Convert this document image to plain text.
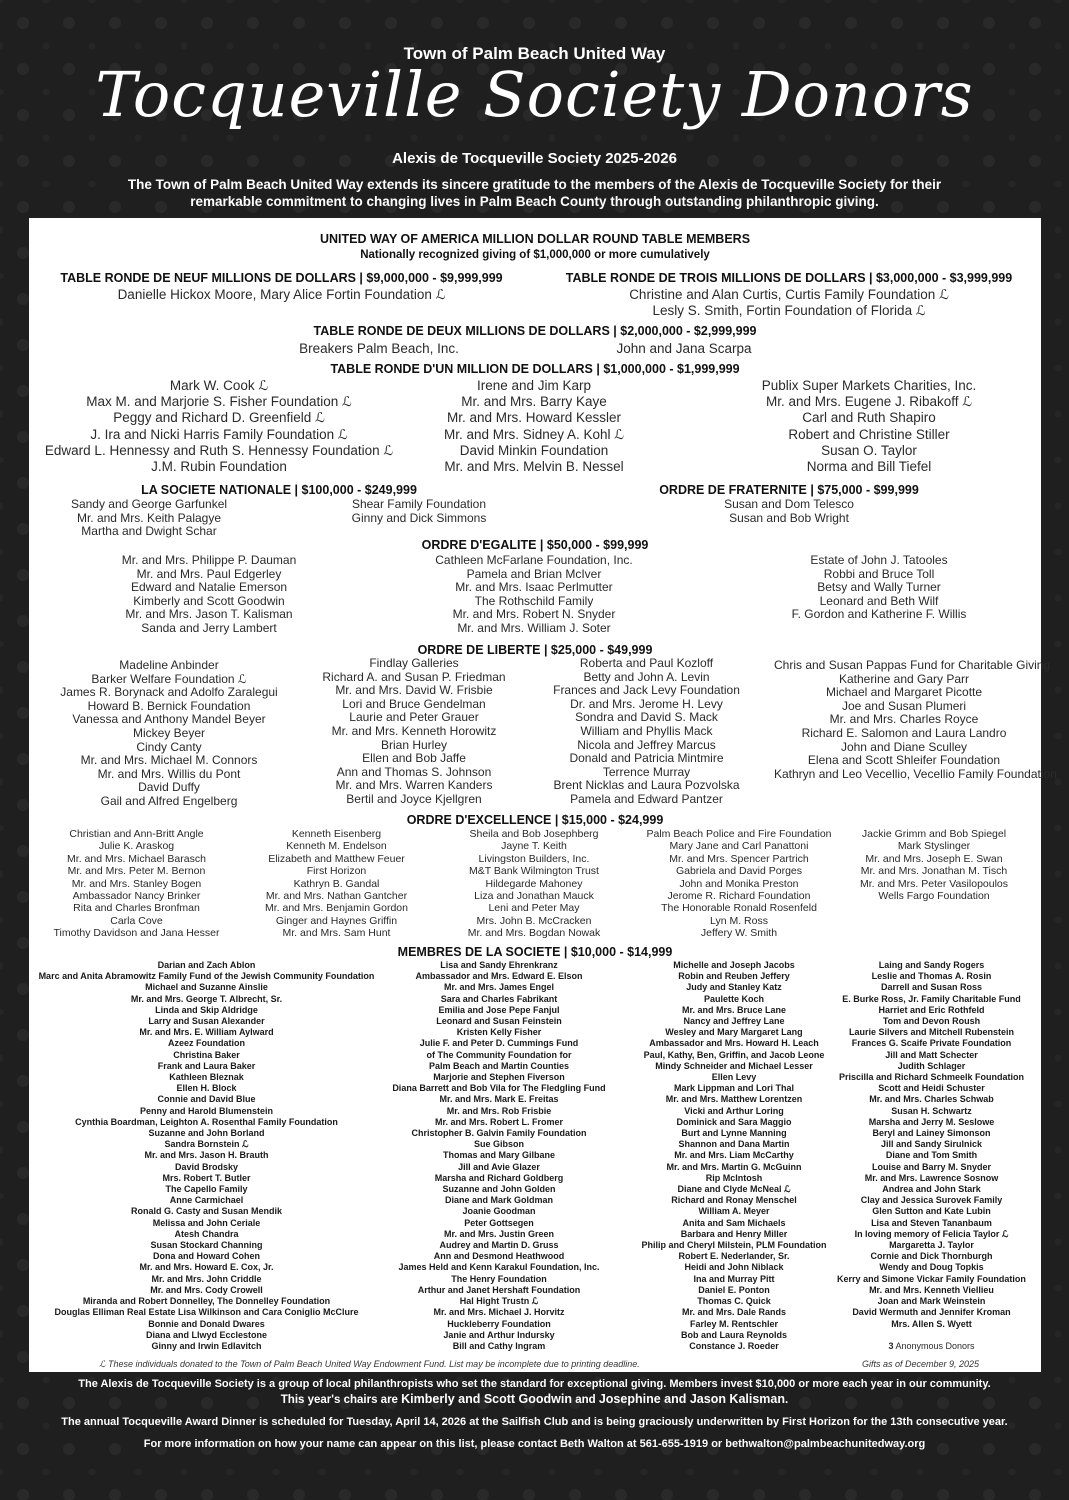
Town of Palm Beach United Way
Tocqueville Society Donors
Alexis de Tocqueville Society 2025-2026
The Town of Palm Beach United Way extends its sincere gratitude to the members of the Alexis de Tocqueville Society for their remarkable commitment to changing lives in Palm Beach County through outstanding philanthropic giving.
UNITED WAY OF AMERICA MILLION DOLLAR ROUND TABLE MEMBERS
Nationally recognized giving of $1,000,000 or more cumulatively
TABLE RONDE DE NEUF MILLIONS DE DOLLARS | $9,000,000 - $9,999,999
Danielle Hickox Moore, Mary Alice Fortin Foundation ℒ
TABLE RONDE DE TROIS MILLIONS DE DOLLARS | $3,000,000 - $3,999,999
Christine and Alan Curtis, Curtis Family Foundation ℒ
Lesly S. Smith, Fortin Foundation of Florida ℒ
TABLE RONDE DE DEUX MILLIONS DE DOLLARS | $2,000,000 - $2,999,999
Breakers Palm Beach, Inc.	John and Jana Scarpa
TABLE RONDE D'UN MILLION DE DOLLARS | $1,000,000 - $1,999,999
Mark W. Cook ℒ
Max M. and Marjorie S. Fisher Foundation ℒ
Peggy and Richard D. Greenfield ℒ
J. Ira and Nicki Harris Family Foundation ℒ
Edward L. Hennessy and Ruth S. Hennessy Foundation ℒ
J.M. Rubin Foundation
Irene and Jim Karp
Mr. and Mrs. Barry Kaye
Mr. and Mrs. Howard Kessler
Mr. and Mrs. Sidney A. Kohl ℒ
David Minkin Foundation
Mr. and Mrs. Melvin B. Nessel
Publix Super Markets Charities, Inc.
Mr. and Mrs. Eugene J. Ribakoff ℒ
Carl and Ruth Shapiro
Robert and Christine Stiller
Susan O. Taylor
Norma and Bill Tiefel
LA SOCIETE NATIONALE | $100,000 - $249,999
Sandy and George Garfunkel
Mr. and Mrs. Keith Palagye
Martha and Dwight Schar
Shear Family Foundation
Ginny and Dick Simmons
ORDRE DE FRATERNITE | $75,000 - $99,999
Susan and Dom Telesco
Susan and Bob Wright
ORDRE D'EGALITE | $50,000 - $99,999
Mr. and Mrs. Philippe P. Dauman
Mr. and Mrs. Paul Edgerley
Edward and Natalie Emerson
Kimberly and Scott Goodwin
Mr. and Mrs. Jason T. Kalisman
Sanda and Jerry Lambert
Cathleen McFarlane Foundation, Inc.
Pamela and Brian McIver
Mr. and Mrs. Isaac Perlmutter
The Rothschild Family
Mr. and Mrs. Robert N. Snyder
Mr. and Mrs. William J. Soter
Estate of John J. Tatooles
Robbi and Bruce Toll
Betsy and Wally Turner
Leonard and Beth Wilf
F. Gordon and Katherine F. Willis
ORDRE DE LIBERTE | $25,000 - $49,999
Madeline Anbinder
Barker Welfare Foundation ℒ
James R. Borynack and Adolfo Zaralegui
Howard B. Bernick Foundation
Vanessa and Anthony Mandel Beyer
Mickey Beyer
Cindy Canty
Mr. and Mrs. Michael M. Connors
Mr. and Mrs. Willis du Pont
David Duffy
Gail and Alfred Engelberg
Findlay Galleries
Richard A. and Susan P. Friedman
Mr. and Mrs. David W. Frisbie
Lori and Bruce Gendelman
Laurie and Peter Grauer
Mr. and Mrs. Kenneth Horowitz
Brian Hurley
Ellen and Bob Jaffe
Ann and Thomas S. Johnson
Mr. and Mrs. Warren Kanders
Bertil and Joyce Kjellgren
Roberta and Paul Kozloff
Betty and John A. Levin
Frances and Jack Levy Foundation
Dr. and Mrs. Jerome H. Levy
Sondra and David S. Mack
William and Phyllis Mack
Nicola and Jeffrey Marcus
Donald and Patricia Mintmire
Terrence Murray
Brent Nicklas and Laura Pozvolska
Pamela and Edward Pantzer
Chris and Susan Pappas Fund for Charitable Giving
Katherine and Gary Parr
Michael and Margaret Picotte
Joe and Susan Plumeri
Mr. and Mrs. Charles Royce
Richard E. Salomon and Laura Landro
John and Diane Sculley
Elena and Scott Shleifer Foundation
Kathryn and Leo Vecellio, Vecellio Family Foundation
ORDRE D'EXCELLENCE | $15,000 - $24,999
Christian and Ann-Britt Angle
Julie K. Araskog
Mr. and Mrs. Michael Barasch
Mr. and Mrs. Peter M. Bernon
Mr. and Mrs. Stanley Bogen
Ambassador Nancy Brinker
Rita and Charles Bronfman
Carla Cove
Timothy Davidson and Jana Hesser
Kenneth Eisenberg
Kenneth M. Endelson
Elizabeth and Matthew Feuer
First Horizon
Kathryn B. Gandal
Mr. and Mrs. Nathan Gantcher
Mr. and Mrs. Benjamin Gordon
Ginger and Haynes Griffin
Mr. and Mrs. Sam Hunt
Sheila and Bob Josephberg
Jayne T. Keith
Livingston Builders, Inc.
M&T Bank Wilmington Trust
Hildegarde Mahoney
Liza and Jonathan Mauck
Leni and Peter May
Mrs. John B. McCracken
Mr. and Mrs. Bogdan Nowak
Palm Beach Police and Fire Foundation
Mary Jane and Carl Panattoni
Mr. and Mrs. Spencer Partrich
Gabriela and David Porges
John and Monika Preston
Jerome R. Richard Foundation
The Honorable Ronald Rosenfeld
Lyn M. Ross
Jeffery W. Smith
Jackie Grimm and Bob Spiegel
Mark Styslinger
Mr. and Mrs. Joseph E. Swan
Mr. and Mrs. Jonathan M. Tisch
Mr. and Mrs. Peter Vasilopoulos
Wells Fargo Foundation
MEMBRES DE LA SOCIETE | $10,000 - $14,999
Darian and Zach Ablon
Marc and Anita Abramowitz Family Fund of the Jewish Community Foundation
Michael and Suzanne Ainslie
Mr. and Mrs. George T. Albrecht, Sr.
Linda and Skip Aldridge
Larry and Susan Alexander
Mr. and Mrs. E. William Aylward
Azeez Foundation
Christina Baker
Frank and Laura Baker
Kathleen Bleznak
Ellen H. Block
Connie and David Blue
Penny and Harold Blumenstein
Cynthia Boardman, Leighton A. Rosenthal Family Foundation
Suzanne and John Borland
Sandra Bornstein ℒ
Mr. and Mrs. Jason H. Brauth
David Brodsky
Mrs. Robert T. Butler
The Capello Family
Anne Carmichael
Ronald G. Casty and Susan Mendik
Melissa and John Ceriale
Atesh Chandra
Susan Stockard Channing
Dona and Howard Cohen
Mr. and Mrs. Howard E. Cox, Jr.
Mr. and Mrs. John Criddle
Mr. and Mrs. Cody Crowell
Miranda and Robert Donnelley, The Donnelley Foundation
Douglas Elliman Real Estate Lisa Wilkinson and Cara Coniglio McClure
Bonnie and Donald Dwares
Diana and Llwyd Ecclestone
Ginny and Irwin Edlavitch
Lisa and Sandy Ehrenkranz
Ambassador and Mrs. Edward E. Elson
Mr. and Mrs. James Engel
Sara and Charles Fabrikant
Emilia and Jose Pepe Fanjul
Leonard and Susan Feinstein
Kristen Kelly Fisher
Julie F. and Peter D. Cummings Fund
of The Community Foundation for
Palm Beach and Martin Counties
Marjorie and Stephen Fiverson
Diana Barrett and Bob Vila for The Fledgling Fund
Mr. and Mrs. Mark E. Freitas
Mr. and Mrs. Rob Frisbie
Mr. and Mrs. Robert L. Fromer
Christopher B. Galvin Family Foundation
Sue Gibson
Thomas and Mary Gilbane
Jill and Avie Glazer
Marsha and Richard Goldberg
Suzanne and John Golden
Diane and Mark Goldman
Joanie Goodman
Peter Gottsegen
Mr. and Mrs. Justin Green
Audrey and Martin D. Gruss
Ann and Desmond Heathwood
James Held and Kenn Karakul Foundation, Inc.
The Henry Foundation
Arthur and Janet Hershaft Foundation
Hal Hight Trustn ℒ
Mr. and Mrs. Michael J. Horvitz
Huckleberry Foundation
Janie and Arthur Indursky
Bill and Cathy Ingram
Michelle and Joseph Jacobs
Robin and Reuben Jeffery
Judy and Stanley Katz
Paulette Koch
Mr. and Mrs. Bruce Lane
Nancy and Jeffrey Lane
Wesley and Mary Margaret Lang
Ambassador and Mrs. Howard H. Leach
Paul, Kathy, Ben, Griffin, and Jacob Leone
Mindy Schneider and Michael Lesser
Ellen Levy
Mark Lippman and Lori Thal
Mr. and Mrs. Matthew Lorentzen
Vicki and Arthur Loring
Dominick and Sara Maggio
Burt and Lynne Manning
Shannon and Dana Martin
Mr. and Mrs. Liam McCarthy
Mr. and Mrs. Martin G. McGuinn
Rip McIntosh
Diane and Clyde McNeal ℒ
Richard and Ronay Menschel
William A. Meyer
Anita and Sam Michaels
Barbara and Henry Miller
Philip and Cheryl Milstein, PLM Foundation
Robert E. Nederlander, Sr.
Heidi and John Niblack
Ina and Murray Pitt
Daniel E. Ponton
Thomas C. Quick
Mr. and Mrs. Dale Rands
Farley M. Rentschler
Bob and Laura Reynolds
Constance J. Roeder
Laing and Sandy Rogers
Leslie and Thomas A. Rosin
Darrell and Susan Ross
E. Burke Ross, Jr. Family Charitable Fund
Harriet and Eric Rothfeld
Tom and Devon Roush
Laurie Silvers and Mitchell Rubenstein
Frances G. Scaife Private Foundation
Jill and Matt Schecter
Judith Schlager
Priscilla and Richard Schmeelk Foundation
Scott and Heidi Schuster
Mr. and Mrs. Charles Schwab
Susan H. Schwartz
Marsha and Jerry M. Seslowe
Beryl and Lainey Simonson
Jill and Sandy Sirulnick
Diane and Tom Smith
Louise and Barry M. Snyder
Mr. and Mrs. Lawrence Sosnow
Andrea and John Stark
Clay and Jessica Surovek Family
Glen Sutton and Kate Lubin
Lisa and Steven Tananbaum
In loving memory of Felicia Taylor ℒ
Margaretta J. Taylor
Cornie and Dick Thornburgh
Wendy and Doug Topkis
Kerry and Simone Vickar Family Foundation
Mr. and Mrs. Kenneth Viellieu
Joan and Mark Weinstein
David Wermuth and Jennifer Kroman
Mrs. Allen S. Wyett
3 Anonymous Donors
ℒ These individuals donated to the Town of Palm Beach United Way Endowment Fund. List may be incomplete due to printing deadline.	Gifts as of December 9, 2025
The Alexis de Tocqueville Society is a group of local philanthropists who set the standard for exceptional giving. Members invest $10,000 or more each year in our community.
This year's chairs are Kimberly and Scott Goodwin and Josephine and Jason Kalisman.
The annual Tocqueville Award Dinner is scheduled for Tuesday, April 14, 2026 at the Sailfish Club and is being graciously underwritten by First Horizon for the 13th consecutive year.
For more information on how your name can appear on this list, please contact Beth Walton at 561-655-1919 or bethwalton@palmbeachunitedway.org
